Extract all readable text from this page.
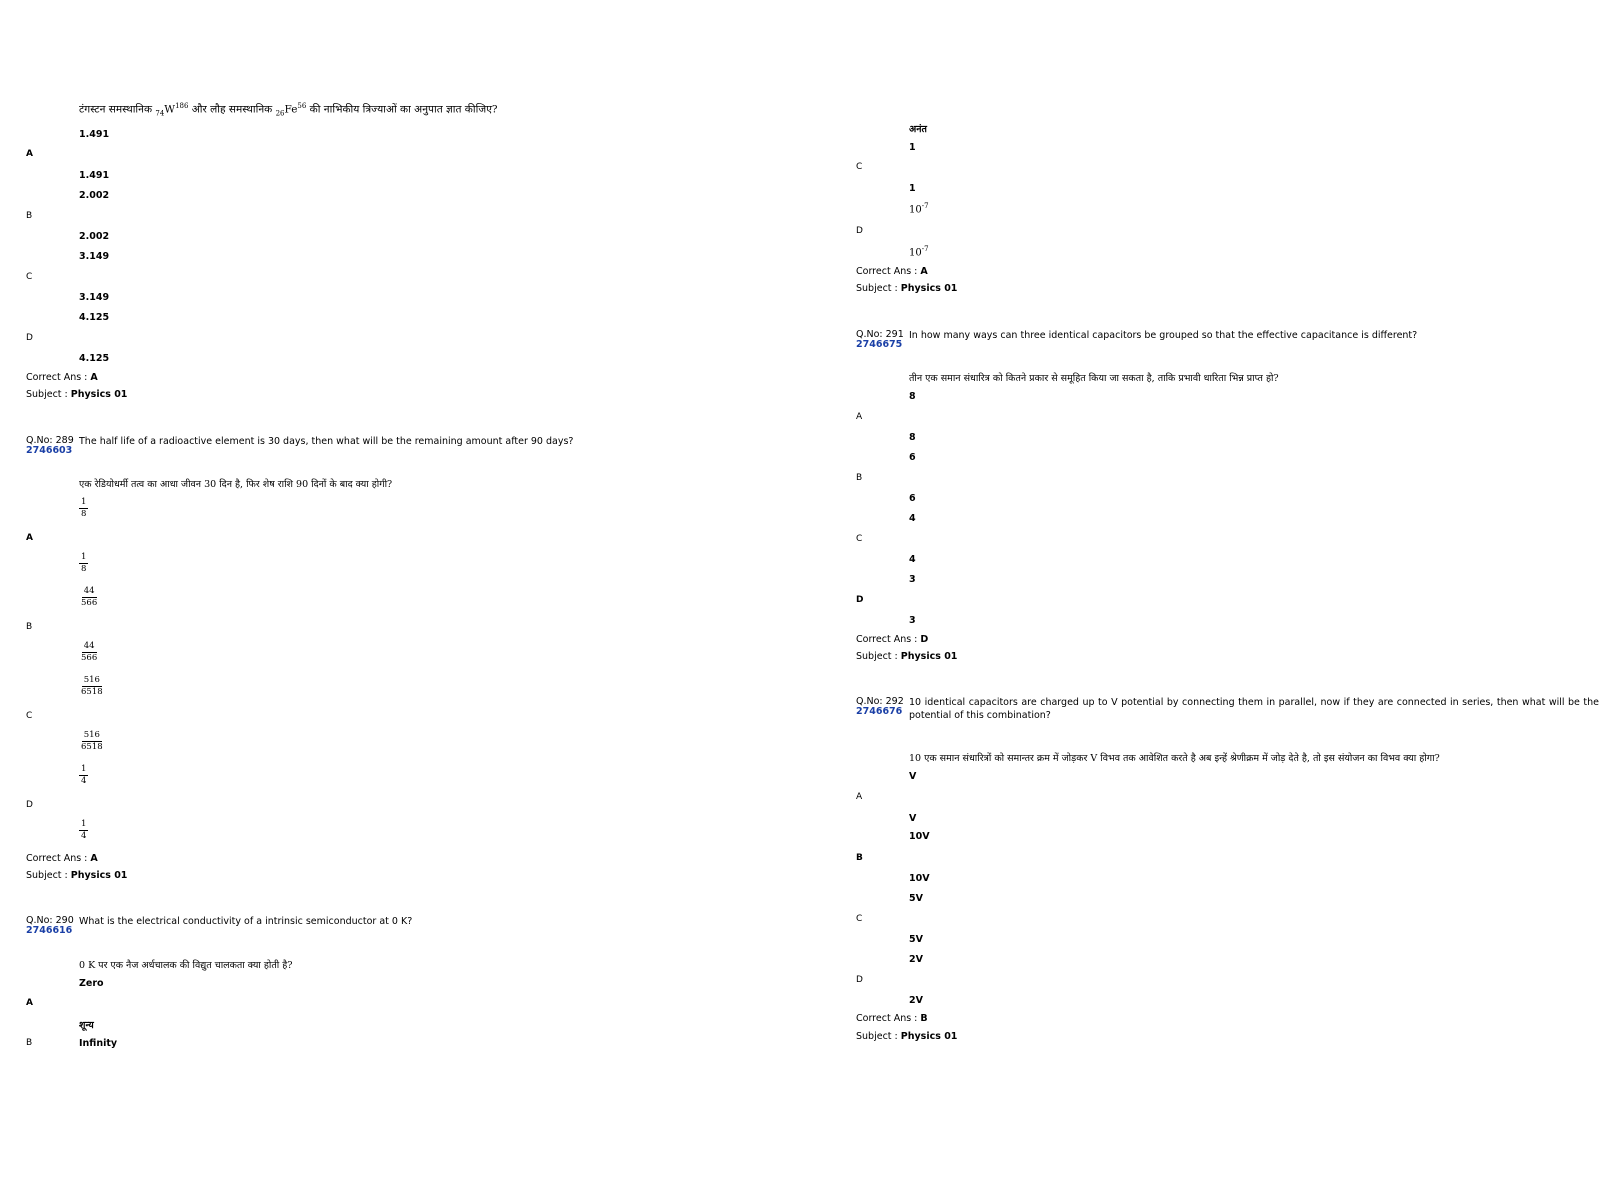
टंगस्टन समस्थानिक $_{74}W^{186}$ और लौह समस्थानिक $_{26}Fe^{56}$ की नाभिकीय त्रिज्याओं का अनुपात ज्ञात कीजिए?
1.491
A
1.491
2.002
B
2.002
3.149
C
3.149
4.125
D
4.125
Correct Ans : A
Subject : Physics 01
Q.No: 289
2746603
The half life of a radioactive element is 30 days, then what will be the remaining amount after 90 days?
एक रेडियोधर्मी तत्व का आधा जीवन 30 दिन है, फिर शेष राशि 90 दिनों के बाद क्या होगी?
$\frac{1}{8}$
A
$\frac{1}{8}$
$\frac{44}{566}$
B
$\frac{44}{566}$
$\frac{516}{6518}$
C
$\frac{516}{6518}$
$\frac{1}{4}$
D
$\frac{1}{4}$
Correct Ans : A
Subject : Physics 01
Q.No: 290
2746616
What is the electrical conductivity of a intrinsic semiconductor at 0 K?
0 K पर एक नैज अर्धचालक की विद्युत चालकता क्या होती है?
Zero
A
शून्य
B	Infinity
अनंत
1
C
1
$10^{-7}$
D
$10^{-7}$
Correct Ans : A
Subject : Physics 01
Q.No: 291
2746675
In how many ways can three identical capacitors be grouped so that the effective capacitance is different?
तीन एक समान संधारित्र को कितने प्रकार से समूहित किया जा सकता है, ताकि प्रभावी धारिता भिन्न प्राप्त हो?
8
A
8
6
B
6
4
C
4
3
D
3
Correct Ans : D
Subject : Physics 01
Q.No: 292
2746676
10 identical capacitors are charged up to V potential by connecting them in parallel, now if they are connected in series, then what will be the potential of this combination?
10 एक समान संधारित्रों को समान्तर क्रम में जोड़कर V विभव तक आवेशित करते है अब इन्हें श्रेणीक्रम में जोड़ देते है, तो इस संयोजन का विभव क्या होगा?
V
A
V
10V
B
10V
5V
C
5V
2V
D
2V
Correct Ans : B
Subject : Physics 01
